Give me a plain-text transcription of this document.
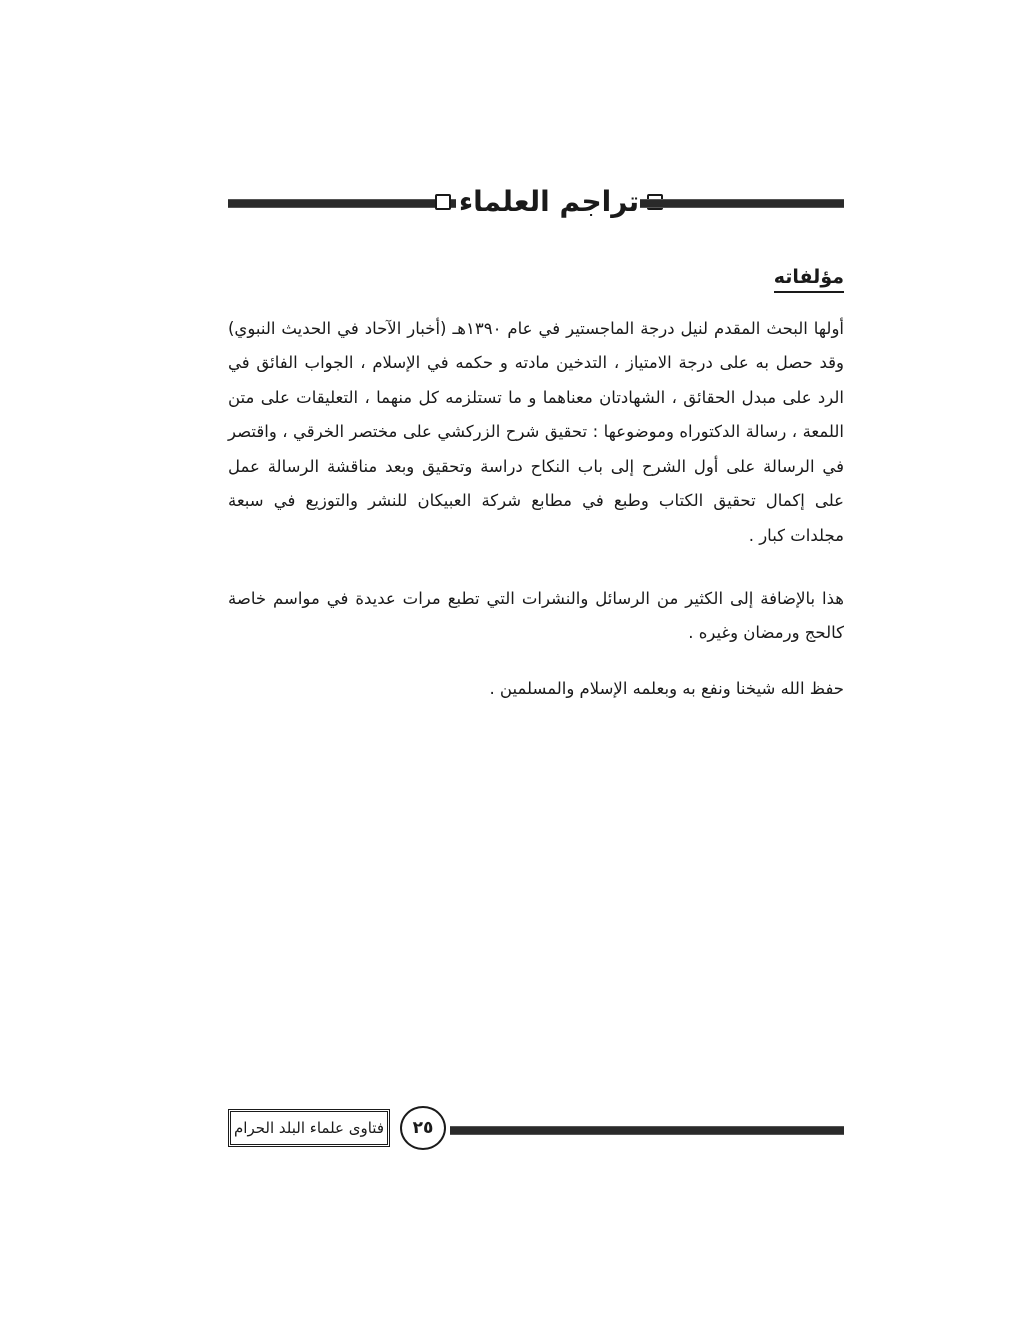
تراجم العلماء
مؤلفاته

أولها البحث المقدم لنيل درجة الماجستير في عام ١٣٩٠هـ (أخبار الآحاد في الحديث النبوي) وقد حصل به على درجة الامتياز ، التدخين مادته و حكمه في الإسلام ، الجواب الفائق في الرد على مبدل الحقائق ، الشهادتان معناهما و ما تستلزمه كل منهما ، التعليقات على متن اللمعة ، رسالة الدكتوراه وموضوعها : تحقيق شرح الزركشي على مختصر الخرقي ، واقتصر في الرسالة على أول الشرح إلى باب النكاح دراسة وتحقيق وبعد مناقشة الرسالة عمل على إكمال تحقيق الكتاب وطبع في مطابع شركة العبيكان للنشر والتوزيع في سبعة مجلدات كبار .

هذا بالإضافة إلى الكثير من الرسائل والنشرات التي تطبع مرات عديدة في مواسم خاصة كالحج ورمضان وغيره .

حفظ الله شيخنا ونفع به وبعلمه الإسلام والمسلمين .

فتاوى علماء البلد الحرام ٢٥
